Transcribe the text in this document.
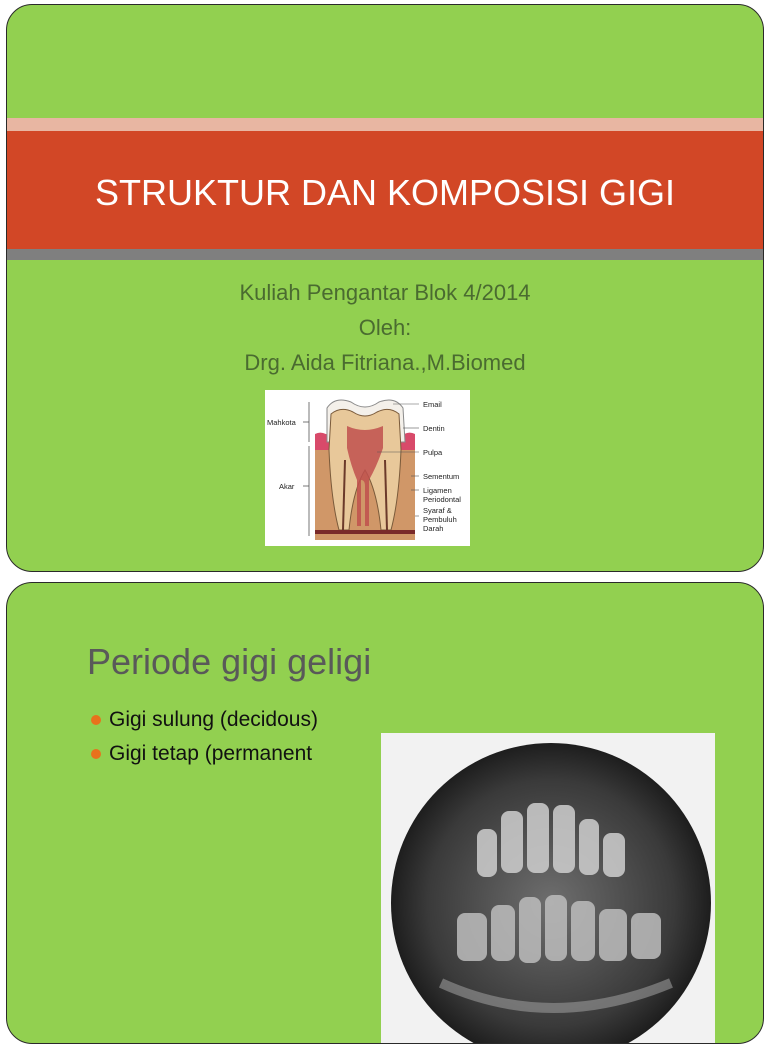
STRUKTUR DAN KOMPOSISI GIGI
Kuliah Pengantar Blok 4/2014
Oleh:
Drg. Aida Fitriana.,M.Biomed
Mahkota
Akar
Email
Dentin
Pulpa
Sementum
Ligamen
Periodontal
Syaraf &
Pembuluh
Darah
Periode gigi geligi
Gigi sulung (decidous)
Gigi tetap (permanent
